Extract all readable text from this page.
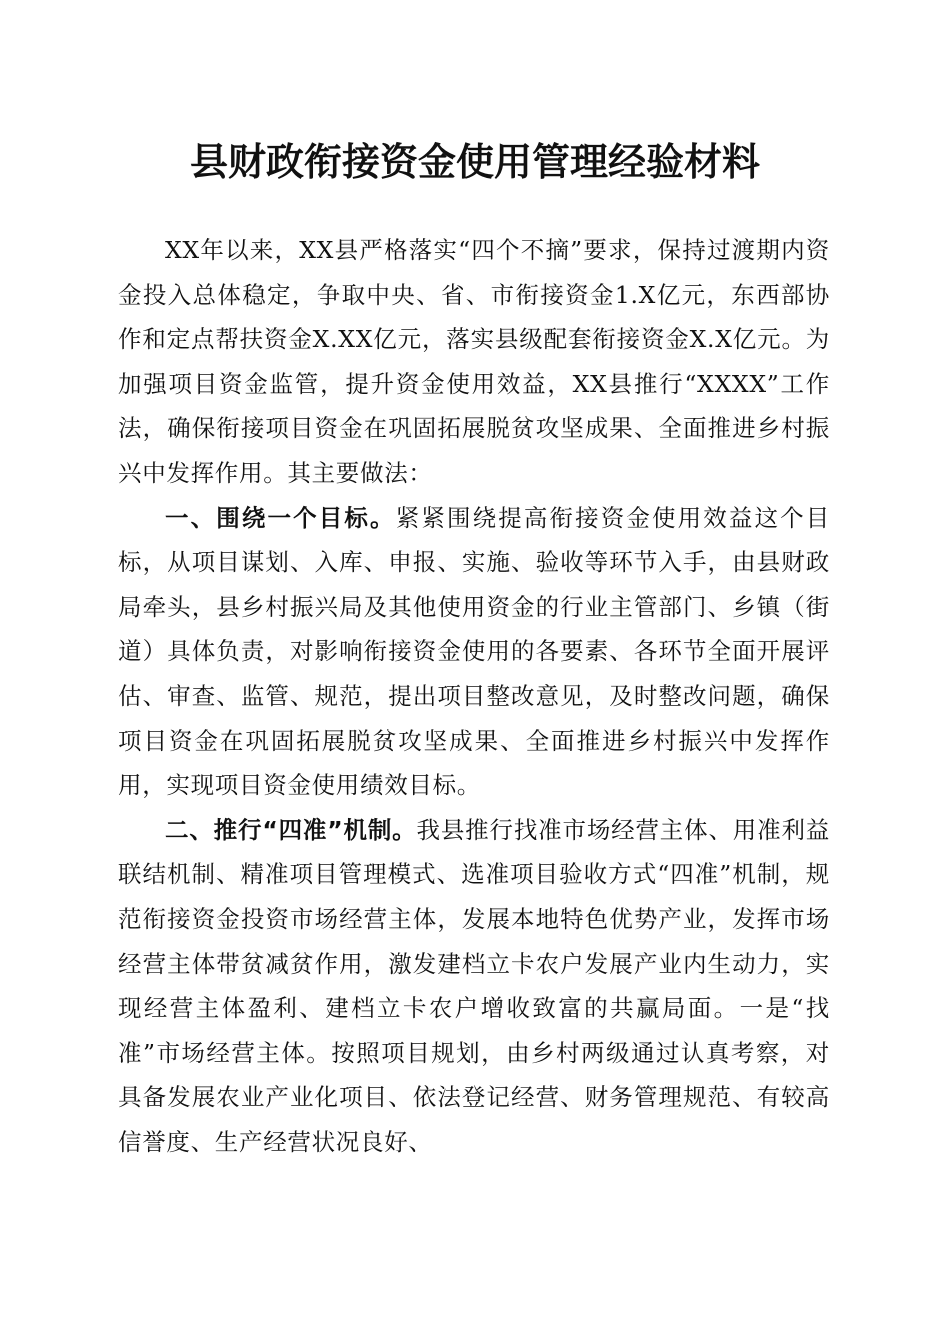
县财政衔接资金使用管理经验材料

XX年以来，XX县严格落实“四个不摘”要求，保持过渡期内资金投入总体稳定，争取中央、省、市衔接资金1.X亿元，东西部协作和定点帮扶资金X.XX亿元，落实县级配套衔接资金X.X亿元。为加强项目资金监管，提升资金使用效益，XX县推行“XXXX”工作法，确保衔接项目资金在巩固拓展脱贫攻坚成果、全面推进乡村振兴中发挥作用。其主要做法：

一、围绕一个目标。紧紧围绕提高衔接资金使用效益这个目标，从项目谋划、入库、申报、实施、验收等环节入手，由县财政局牵头，县乡村振兴局及其他使用资金的行业主管部门、乡镇（街道）具体负责，对影响衔接资金使用的各要素、各环节全面开展评估、审查、监管、规范，提出项目整改意见，及时整改问题，确保项目资金在巩固拓展脱贫攻坚成果、全面推进乡村振兴中发挥作用，实现项目资金使用绩效目标。

二、推行“四准”机制。我县推行找准市场经营主体、用准利益联结机制、精准项目管理模式、选准项目验收方式“四准”机制，规范衔接资金投资市场经营主体，发展本地特色优势产业，发挥市场经营主体带贫减贫作用，激发建档立卡农户发展产业内生动力，实现经营主体盈利、建档立卡农户增收致富的共赢局面。一是“找准”市场经营主体。按照项目规划，由乡村两级通过认真考察，对具备发展农业产业化项目、依法登记经营、财务管理规范、有较高信誉度、生产经营状况良好、
